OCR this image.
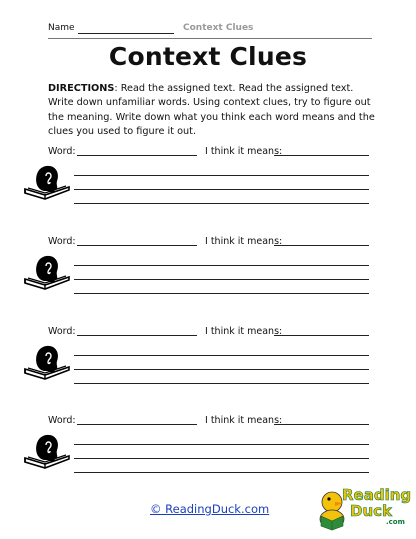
Name	Context Clues
Context Clues
DIRECTIONS: Read the assigned text. Read the assigned text. Write down unfamiliar words. Using context clues, try to figure out the meaning. Write down what you think each word means and the clues you used to figure it out.
Word:	I think it means:
Word:	I think it means:
Word:	I think it means:
Word:	I think it means:
© ReadingDuck.com
Reading
Duck
.com
